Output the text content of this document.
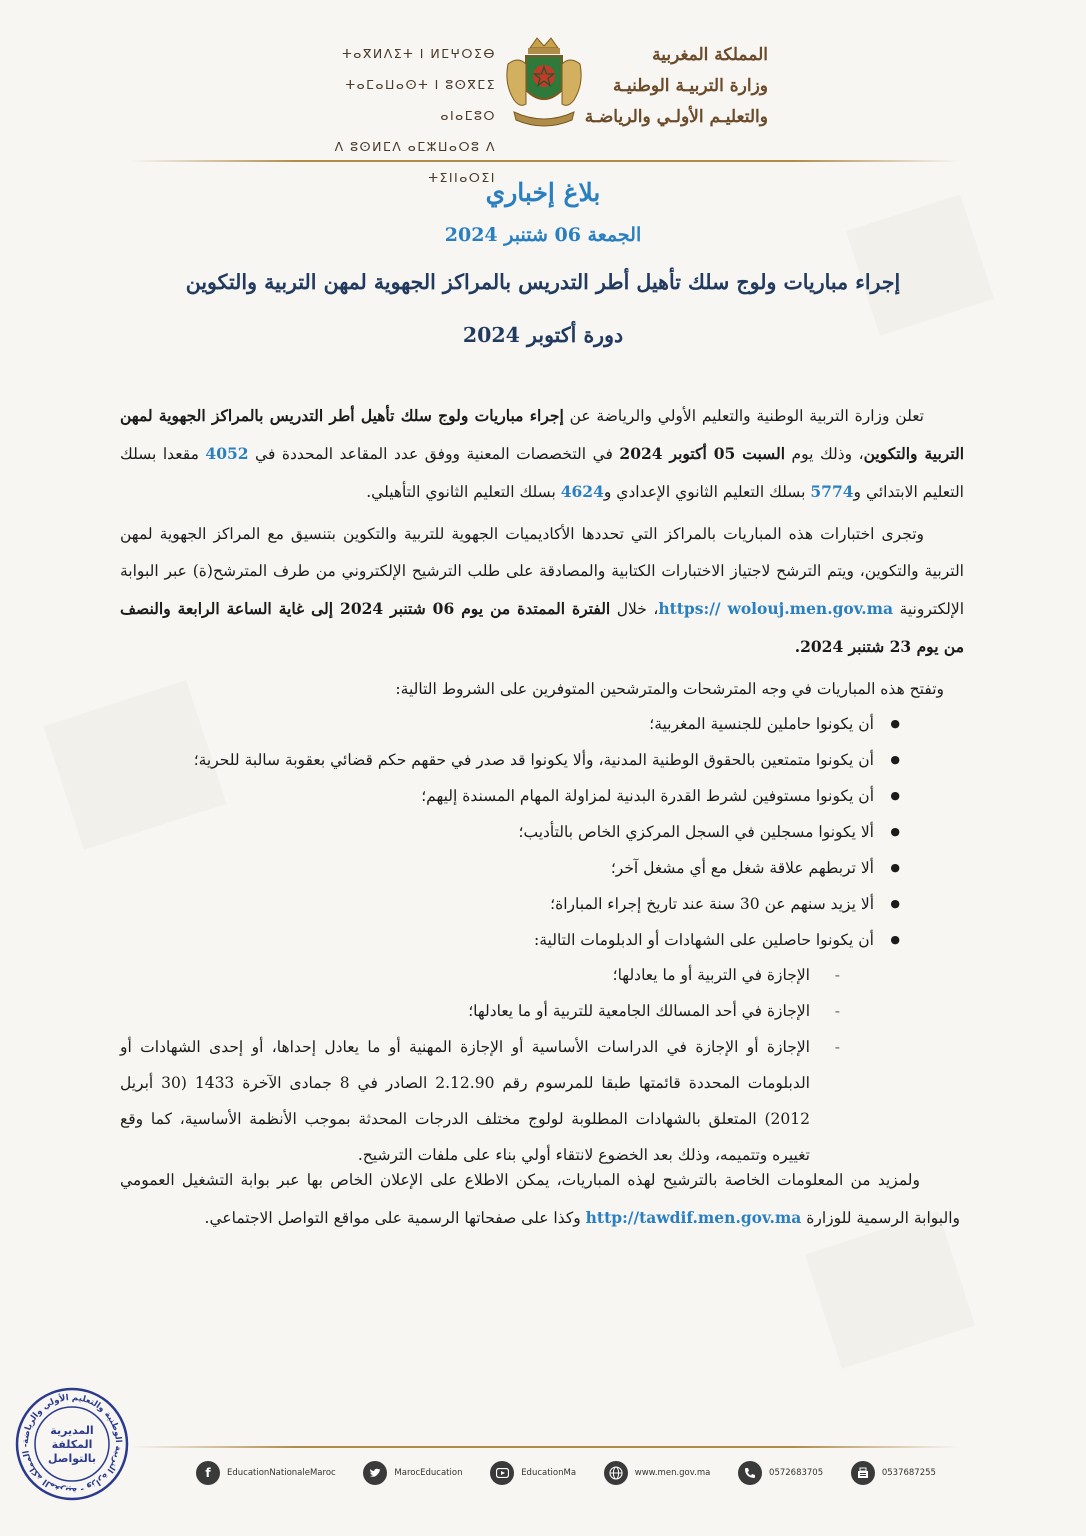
المملكة المغربية
وزارة التربيـة الوطنيـة
والتعليـم الأولـي والرياضـة
ⵜⴰⴳⵍⴷⵉⵜ ⵏ ⵍⵎⵖⵔⵉⴱ
ⵜⴰⵎⴰⵡⴰⵙⵜ ⵏ ⵓⵙⴳⵎⵉ ⴰⵏⴰⵎⵓⵔ
ⴷ ⵓⵙⵍⵎⴷ ⴰⵎⵣⵡⴰⵔⵓ ⴷ ⵜⵉⵏⵏⴰⵔⵉⵏ
بلاغ إخباري
الجمعة 06 شتنبر 2024
إجراء مباريات ولوج سلك تأهيل أطر التدريس بالمراكز الجهوية لمهن التربية والتكوين
دورة أكتوبر 2024
تعلن وزارة التربية الوطنية والتعليم الأولي والرياضة عن إجراء مباريات ولوج سلك تأهيل أطر التدريس بالمراكز الجهوية لمهن التربية والتكوين، وذلك يوم السبت 05 أكتوبر 2024 في التخصصات المعنية ووفق عدد المقاعد المحددة في 4052 مقعدا بسلك التعليم الابتدائي و5774 بسلك التعليم الثانوي الإعدادي و4624 بسلك التعليم الثانوي التأهيلي.
وتجرى اختبارات هذه المباريات بالمراكز التي تحددها الأكاديميات الجهوية للتربية والتكوين بتنسيق مع المراكز الجهوية لمهن التربية والتكوين، ويتم الترشح لاجتياز الاختبارات الكتابية والمصادقة على طلب الترشيح الإلكتروني من طرف المترشح(ة) عبر البوابة الإلكترونية https:// wolouj.men.gov.ma، خلال الفترة الممتدة من يوم 06 شتنبر 2024 إلى غاية الساعة الرابعة والنصف من يوم 23 شتنبر 2024.
وتفتح هذه المباريات في وجه المترشحات والمترشحين المتوفرين على الشروط التالية:
● أن يكونوا حاملين للجنسية المغربية؛
● أن يكونوا متمتعين بالحقوق الوطنية المدنية، وألا يكونوا قد صدر في حقهم حكم قضائي بعقوبة سالبة للحرية؛
● أن يكونوا مستوفين لشرط القدرة البدنية لمزاولة المهام المسندة إليهم؛
● ألا يكونوا مسجلين في السجل المركزي الخاص بالتأديب؛
● ألا تربطهم علاقة شغل مع أي مشغل آخر؛
● ألا يزيد سنهم عن 30 سنة عند تاريخ إجراء المباراة؛
● أن يكونوا حاصلين على الشهادات أو الدبلومات التالية:
- الإجازة في التربية أو ما يعادلها؛
- الإجازة في أحد المسالك الجامعية للتربية أو ما يعادلها؛
- الإجازة أو الإجازة في الدراسات الأساسية أو الإجازة المهنية أو ما يعادل إحداها، أو إحدى الشهادات أو الدبلومات المحددة قائمتها طبقا للمرسوم رقم 2.12.90 الصادر في 8 جمادى الآخرة 1433 (30 أبريل 2012) المتعلق بالشهادات المطلوبة لولوج مختلف الدرجات المحدثة بموجب الأنظمة الأساسية، كما وقع تغييره وتتميمه، وذلك بعد الخضوع لانتقاء أولي بناء على ملفات الترشيح.
ولمزيد من المعلومات الخاصة بالترشيح لهذه المباريات، يمكن الاطلاع على الإعلان الخاص بها عبر بوابة التشغيل العمومي والبوابة الرسمية للوزارة http://tawdif.men.gov.ma وكذا على صفحاتها الرسمية على مواقع التواصل الاجتماعي.
المملكة المغربية - وزارة التربية الوطنية والتعليم الأولي والرياضة -
المديرية
المكلفة
بالتواصل
f	EducationNationaleMaroc	MarocEducation	EducationMa	www.men.gov.ma	0572683705	0537687255
